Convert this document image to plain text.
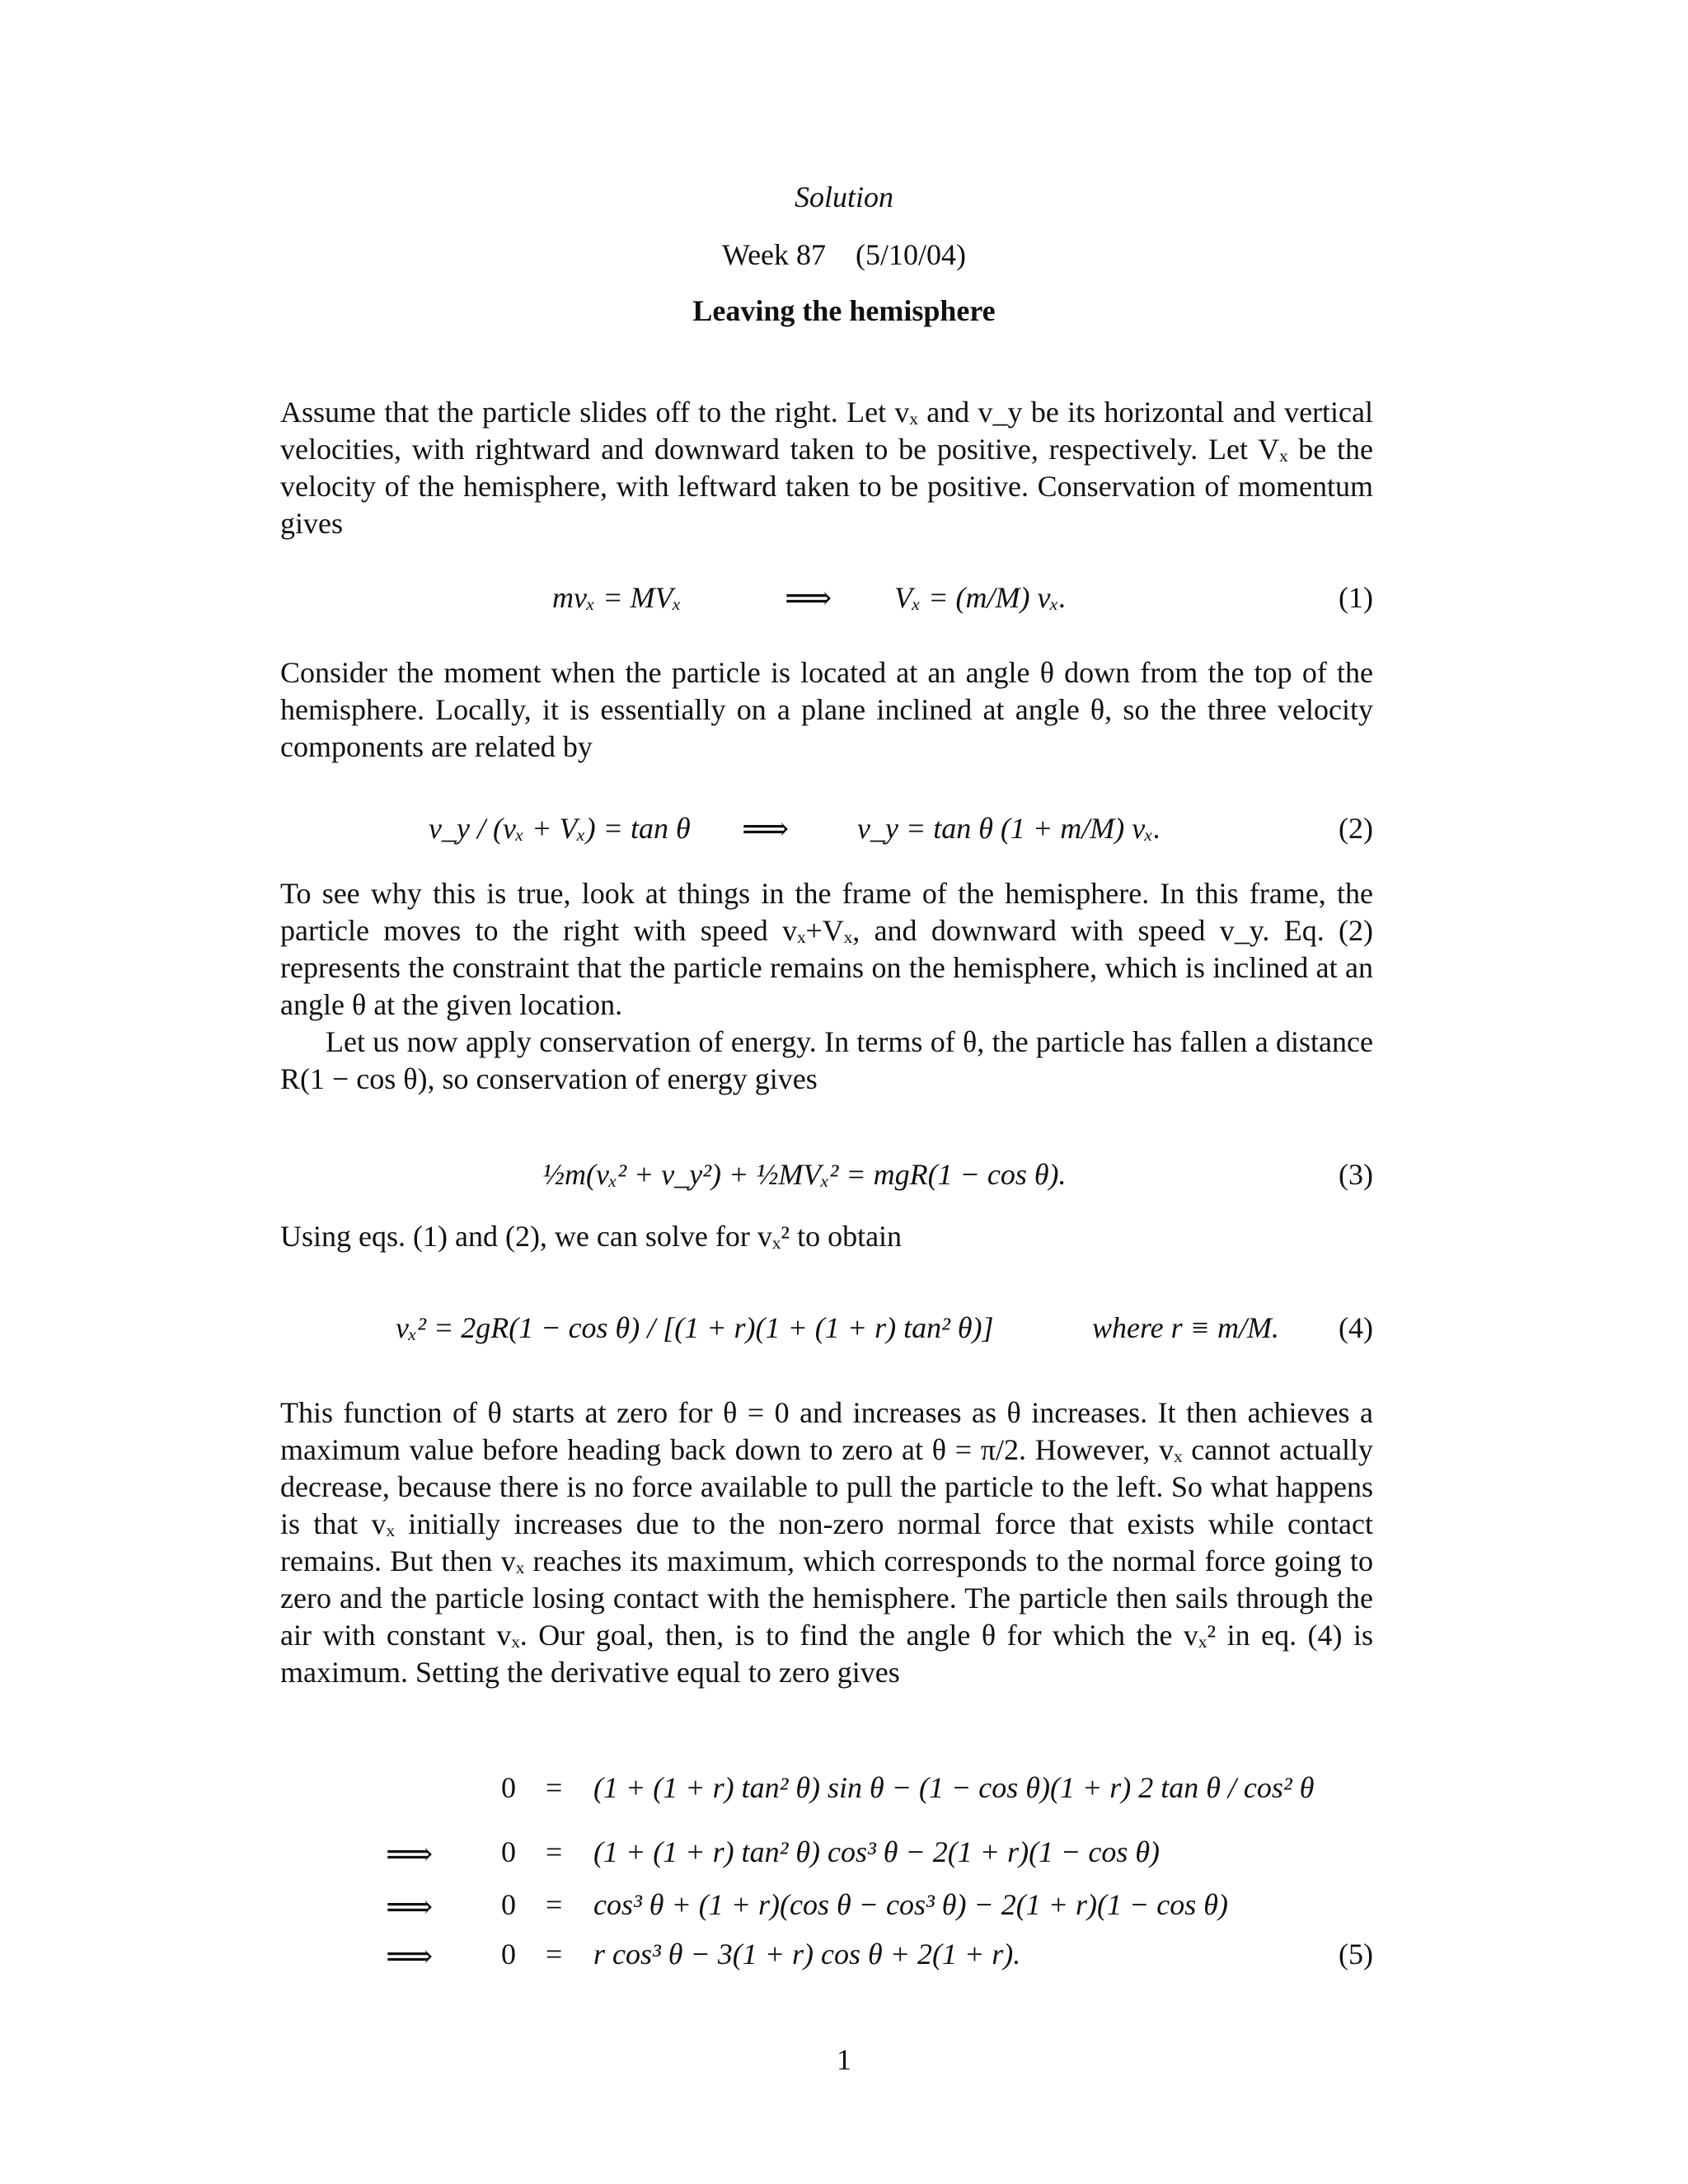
Solution
Week 87    (5/10/04)
Leaving the hemisphere
Assume that the particle slides off to the right. Let vₓ and v_y be its horizontal and vertical velocities, with rightward and downward taken to be positive, respectively. Let Vₓ be the velocity of the hemisphere, with leftward taken to be positive. Conservation of momentum gives
mvₓ = MVₓ	⟹ Vₓ = (m/M) vₓ.	(1)
Consider the moment when the particle is located at an angle θ down from the top of the hemisphere. Locally, it is essentially on a plane inclined at angle θ, so the three velocity components are related by
v_y / (vₓ + Vₓ) = tan θ ⟹ v_y = tan θ (1 + m/M) vₓ.	(2)
To see why this is true, look at things in the frame of the hemisphere. In this frame, the particle moves to the right with speed vₓ+Vₓ, and downward with speed v_y. Eq. (2) represents the constraint that the particle remains on the hemisphere, which is inclined at an angle θ at the given location.
Let us now apply conservation of energy. In terms of θ, the particle has fallen a distance R(1 − cos θ), so conservation of energy gives
½m(vₓ² + v_y²) + ½MVₓ² = mgR(1 − cos θ).	(3)
Using eqs. (1) and (2), we can solve for vₓ² to obtain
vₓ² = 2gR(1 − cos θ) / [(1 + r)(1 + (1 + r) tan² θ)]	where r ≡ m/M. (4)
This function of θ starts at zero for θ = 0 and increases as θ increases. It then achieves a maximum value before heading back down to zero at θ = π/2. However, vₓ cannot actually decrease, because there is no force available to pull the particle to the left. So what happens is that vₓ initially increases due to the non-zero normal force that exists while contact remains. But then vₓ reaches its maximum, which corresponds to the normal force going to zero and the particle losing contact with the hemisphere. The particle then sails through the air with constant vₓ. Our goal, then, is to find the angle θ for which the vₓ² in eq. (4) is maximum. Setting the derivative equal to zero gives
0 = (1 + (1 + r) tan² θ) sin θ − (1 − cos θ)(1 + r) 2 tan θ / cos² θ
⟹ 0 = (1 + (1 + r) tan² θ) cos³ θ − 2(1 + r)(1 − cos θ)
⟹ 0 = cos³ θ + (1 + r)(cos θ − cos³ θ) − 2(1 + r)(1 − cos θ)
⟹ 0 = r cos³ θ − 3(1 + r) cos θ + 2(1 + r).	(5)
1
